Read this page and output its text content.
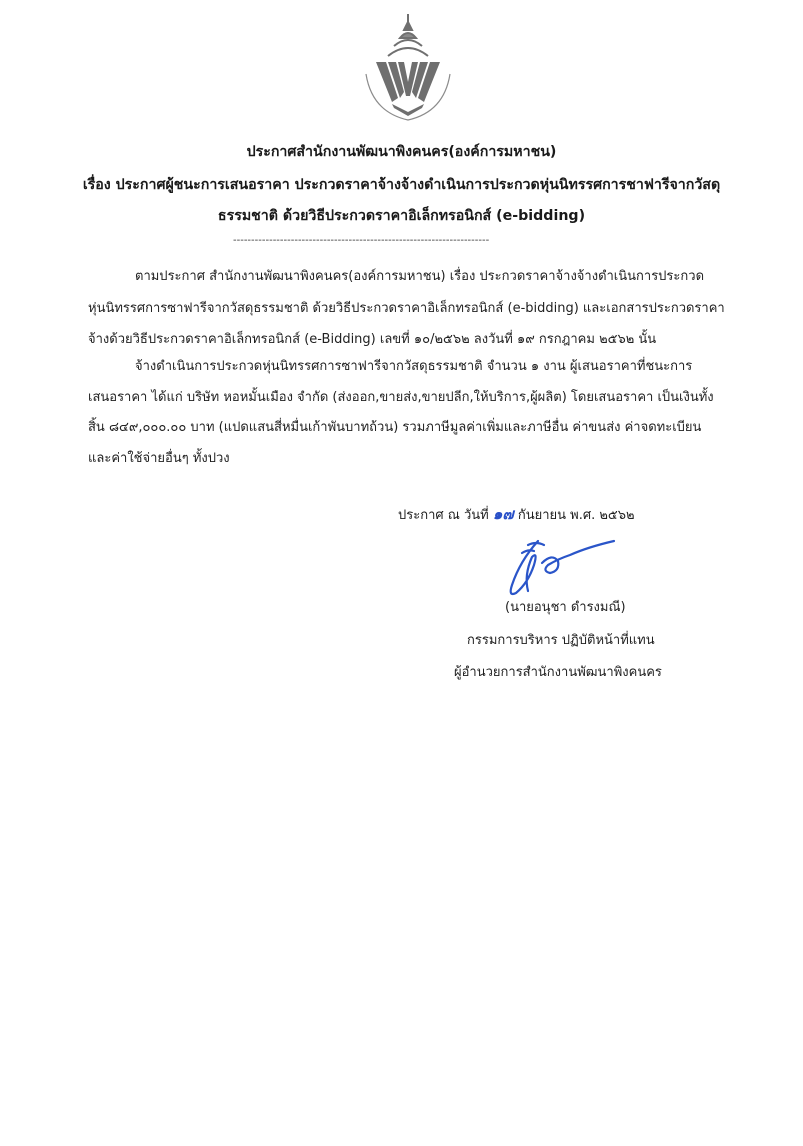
ประกาศสำนักงานพัฒนาพิงคนคร(องค์การมหาชน)
เรื่อง ประกาศผู้ชนะการเสนอราคา ประกวดราคาจ้างจ้างดำเนินการประกวดหุ่นนิทรรศการชาฟารีจากวัสดุ
ธรรมชาติ ด้วยวิธีประกวดราคาอิเล็กทรอนิกส์ (e-bidding)
-----------------------------------------------------------------------
ตามประกาศ สำนักงานพัฒนาพิงคนคร(องค์การมหาชน) เรื่อง ประกวดราคาจ้างจ้างดำเนินการประกวด
หุ่นนิทรรศการซาฟารีจากวัสดุธรรมชาติ ด้วยวิธีประกวดราคาอิเล็กทรอนิกส์ (e-bidding) และเอกสารประกวดราคา
จ้างด้วยวิธีประกวดราคาอิเล็กทรอนิกส์ (e-Bidding) เลขที่ ๑๐/๒๕๖๒ ลงวันที่ ๑๙ กรกฎาคม ๒๕๖๒ นั้น
จ้างดำเนินการประกวดหุ่นนิทรรศการซาฟารีจากวัสดุธรรมชาติ จำนวน ๑ งาน ผู้เสนอราคาที่ชนะการ
เสนอราคา ได้แก่ บริษัท หอหมั้นเมือง จำกัด (ส่งออก,ขายส่ง,ขายปลีก,ให้บริการ,ผู้ผลิต) โดยเสนอราคา เป็นเงินทั้ง
สิ้น ๘๔๙,๐๐๐.๐๐ บาท (แปดแสนสี่หมื่นเก้าพันบาทถ้วน) รวมภาษีมูลค่าเพิ่มและภาษีอื่น ค่าขนส่ง ค่าจดทะเบียน
และค่าใช้จ่ายอื่นๆ ทั้งปวง
ประกาศ ณ วันที่ ๑๗ กันยายน พ.ศ. ๒๕๖๒
(นายอนุชา ดำรงมณี)
กรรมการบริหาร ปฏิบัติหน้าที่แทน
ผู้อำนวยการสำนักงานพัฒนาพิงคนคร
